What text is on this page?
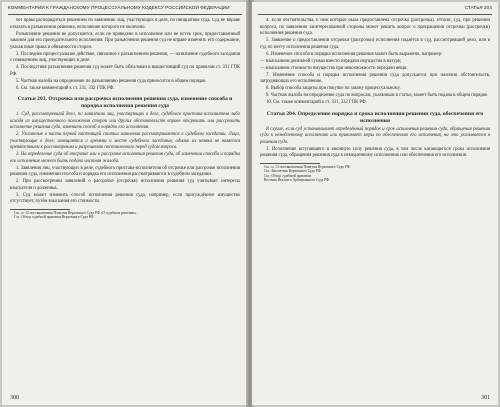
КОММЕНТАРИЙ К ГРАЖДАНСКОМУ ПРОЦЕССУАЛЬНОМУ КОДЕКСУ РОССИЙСКОЙ ФЕДЕРАЦИИ

без права распорядиться решением по заявлению лиц, участвующих в деле, по инициативе суда. Суд не вправе отказать в разъяснении решения, исполнение которого не окончено.

Разъяснение решения не допускается, если не приведено в исполнение или не истек срок, предоставленный законом для его принудительного исполнения. При разъяснении решения суд не вправе изменить его содержание, указав иные права и обязанности сторон.

3. Последнее процессуальное действие, связанное с разъяснением решения, — назначение судебного заседания с извещением лиц, участвующих в деле.

4. Последствия разъяснения решения суд может быть обжалован в вышестоящий суд по правилам ст. 331 ГПК РФ.

5. Частная жалоба на определение по разъяснению решения суда приносится в общем порядке.

6. См. также комментарий к ст. 331, 332 ГПК РФ.

Статья 203. Отсрочка или рассрочка исполнения решения суда, изменение способа и порядка исполнения решения суда

1. Суд, рассмотревший дело, по заявлению лиц, участвующих в деле, судебного пристава-исполнителя либо исходя из имущественного положения сторон или других обстоятельств вправе отсрочить или рассрочить исполнение решения суда, изменить способ и порядок его исполнения.

2. Указанные в части первой настоящей статьи заявления рассматриваются в судебном заседании. Лица, участвующие в деле, извещаются о времени и месте судебного заседания, однако их неявка не является препятствием к рассмотрению и разрешению поставленного перед судом вопроса.

3. На определение суда об отсрочке или о рассрочке исполнения решения суда, об изменении способа и порядка его исполнения может быть подана частная жалоба.

1. Заявления лиц, участвующих в деле, судебного пристава-исполнителя об отсрочке или рассрочке исполнения решения суда, изменении способа и порядка его исполнения рассматриваются в судебном заседании.

2. При рассмотрении заявлений о рассрочке (отсрочке) исполнения решения суд учитывает интересы взыскателя и должника.

3. Суд может изменить способ исполнения решения суда, например, если присуждённое имущество отсутствует, путём взыскания его стоимости.

См.: п. 12 постановления Пленума Верховного Суда РФ «О судебном решении».

См.: Обзор судебной практики Верховного Суда РФ.

300
СТАТЬЯ 204

4. Если обстоятельства, к ним которые была предоставлена отсрочка (рассрочка), отпали, суд, при решении вопроса, по заявлению заинтересованной стороны может решить вопрос о прекращении отсрочки (рассрочки) исполнения решения суда.

5. Заявление о предоставлении отсрочки (рассрочки) исполнения подаётся в суд, рассмотревший дело, или в суд по месту исполнения решения суда.

6. Изменение способа и порядка исполнения решения может быть выражено, например:

— взысканием денежной суммы вместо передачи имущества в натуре;

— взысканием стоимости имущества при невозможности передачи вещи.

7. Изменение способа и порядка исполнения решения суда допускается при наличии обстоятельств, затрудняющих его исполнение.

8. Выбор способа защиты при покупке по закону процессуальному.

9. Частная жалоба на определение суда по вопросам, указанным в статье, может быть подана в общем порядке.

10. См. также комментарий к ст. 331, 332 ГПК РФ.

Статья 204. Определение порядка и срока исполнения решения суда, обеспечения его исполнения

В случае, если суд устанавливает определённый порядок и срок исполнения решения суда, обращения решения суда к немедленному исполнению или принимает меры по обеспечению его исполнения, на это указывается в решении суда.

1. Исполнение вступившего в законную силу решения суда, в том числе касающегося срока исполнения решения суда, обращения решения суда к немедленному исполнению или обеспечения его исполнения.

См.: п. 13 постановления Пленума Верховного Суда РФ.

См.: Бюллетень Верховного Суда РФ.

См.: Обзор судебной практики.

Вестник Высшего Арбитражного Суда РФ.

301
